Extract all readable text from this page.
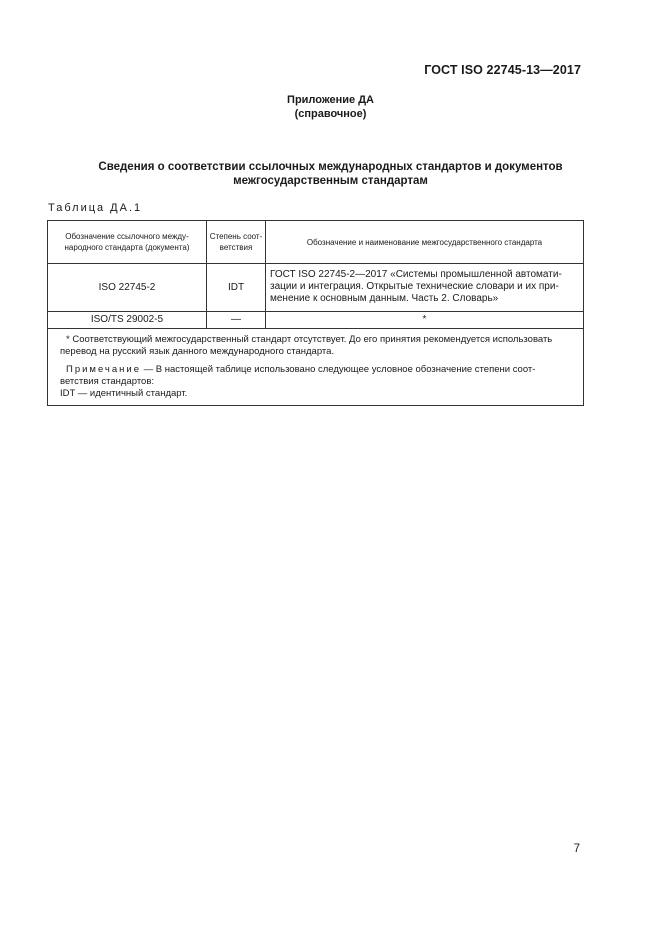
ГОСТ ISO 22745-13—2017
Приложение ДА
(справочное)
Сведения о соответствии ссылочных международных стандартов и документов
межгосударственным стандартам
Таблица ДА.1
Обозначение ссылочного международного стандарта (документа)	Степень соответствия	Обозначение и наименование межгосударственного стандарта
ISO 22745-2	IDT	ГОСТ ISO 22745-2—2017 «Системы промышленной автоматизации и интеграция. Открытые технические словари и их применение к основным данным. Часть 2. Словарь»
ISO/TS 29002-5	—	*

* Соответствующий межгосударственный стандарт отсутствует. До его принятия рекомендуется использовать перевод на русский язык данного международного стандарта.

Примечание — В настоящей таблице использовано следующее условное обозначение степени соответствия стандартов:

IDT — идентичный стандарт.		

7
